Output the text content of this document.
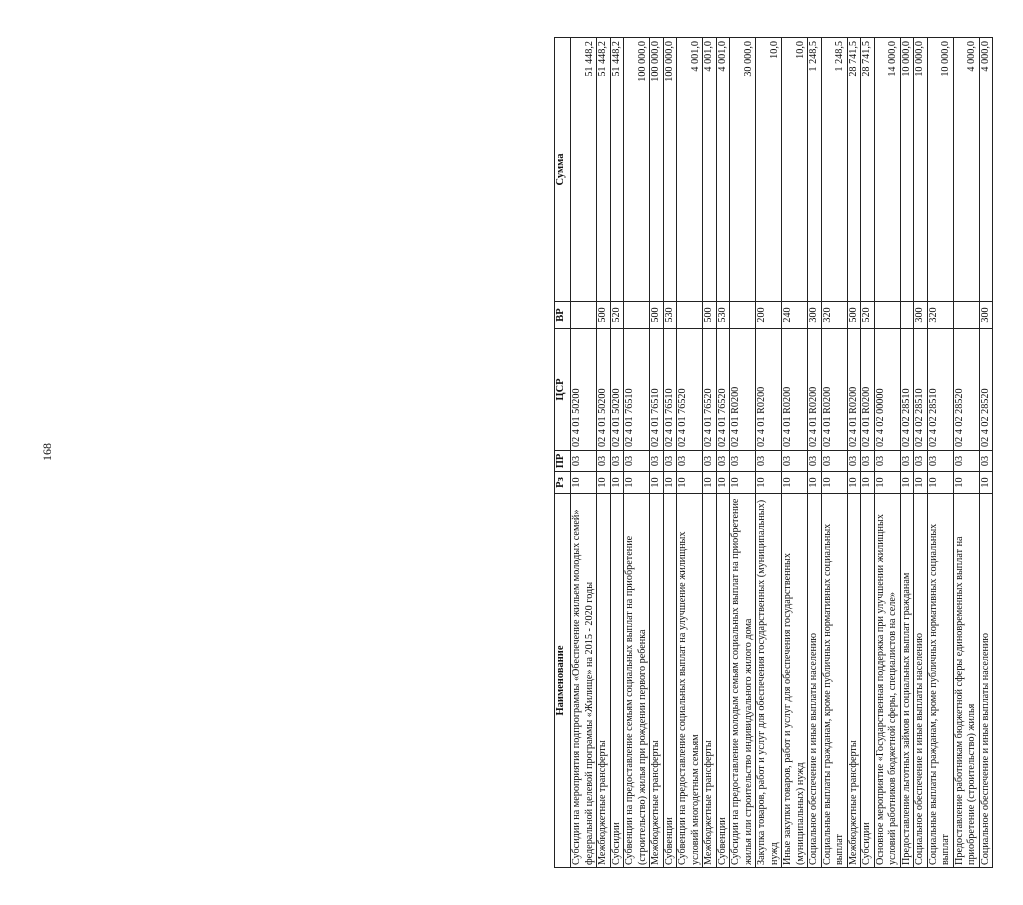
168
Наименование	Рз	ПР	ЦСР	ВР	Сумма
Субсидии на мероприятия подпрограммы «Обеспечение жильем молодых семей» федеральной целевой программы «Жилище» на 2015 - 2020 годы	10	03	02 4 01 50200		51 448,2
Межбюджетные трансферты	10	03	02 4 01 50200	500	51 448,2
Субсидии	10	03	02 4 01 50200	520	51 448,2
Субвенции на предоставление семьям социальных выплат на приобретение (строительство) жилья при рождении первого ребенка	10	03	02 4 01 76510		100 000,0
Межбюджетные трансферты	10	03	02 4 01 76510	500	100 000,0
Субвенции	10	03	02 4 01 76510	530	100 000,0
Субвенции на предоставление социальных выплат на улучшение жилищных условий многодетным семьям	10	03	02 4 01 76520		4 001,0
Межбюджетные трансферты	10	03	02 4 01 76520	500	4 001,0
Субвенции	10	03	02 4 01 76520	530	4 001,0
Субсидии на предоставление молодым семьям социальных выплат на приобретение жилья или строительство индивидуального жилого дома	10	03	02 4 01 R0200		30 000,0
Закупка товаров, работ и услуг для обеспечения государственных (муниципальных) нужд	10	03	02 4 01 R0200	200	10,0
Иные закупки товаров, работ и услуг для обеспечения государственных (муниципальных) нужд	10	03	02 4 01 R0200	240	10,0
Социальное обеспечение и иные выплаты населению	10	03	02 4 01 R0200	300	1 248,5
Социальные выплаты гражданам, кроме публичных нормативных социальных выплат	10	03	02 4 01 R0200	320	1 248,5
Межбюджетные трансферты	10	03	02 4 01 R0200	500	28 741,5
Субсидии	10	03	02 4 01 R0200	520	28 741,5
Основное мероприятие «Государственная поддержка при улучшении жилищных условий работников бюджетной сферы, специалистов на селе»	10	03	02 4 02 00000		14 000,0
Предоставление льготных займов и социальных выплат гражданам	10	03	02 4 02 28510		10 000,0
Социальное обеспечение и иные выплаты населению	10	03	02 4 02 28510	300	10 000,0
Социальные выплаты гражданам, кроме публичных нормативных социальных выплат	10	03	02 4 02 28510	320	10 000,0
Предоставление работникам бюджетной сферы единовременных выплат на приобретение (строительство) жилья	10	03	02 4 02 28520		4 000,0
Социальное обеспечение и иные выплаты населению	10	03	02 4 02 28520	300	4 000,0
